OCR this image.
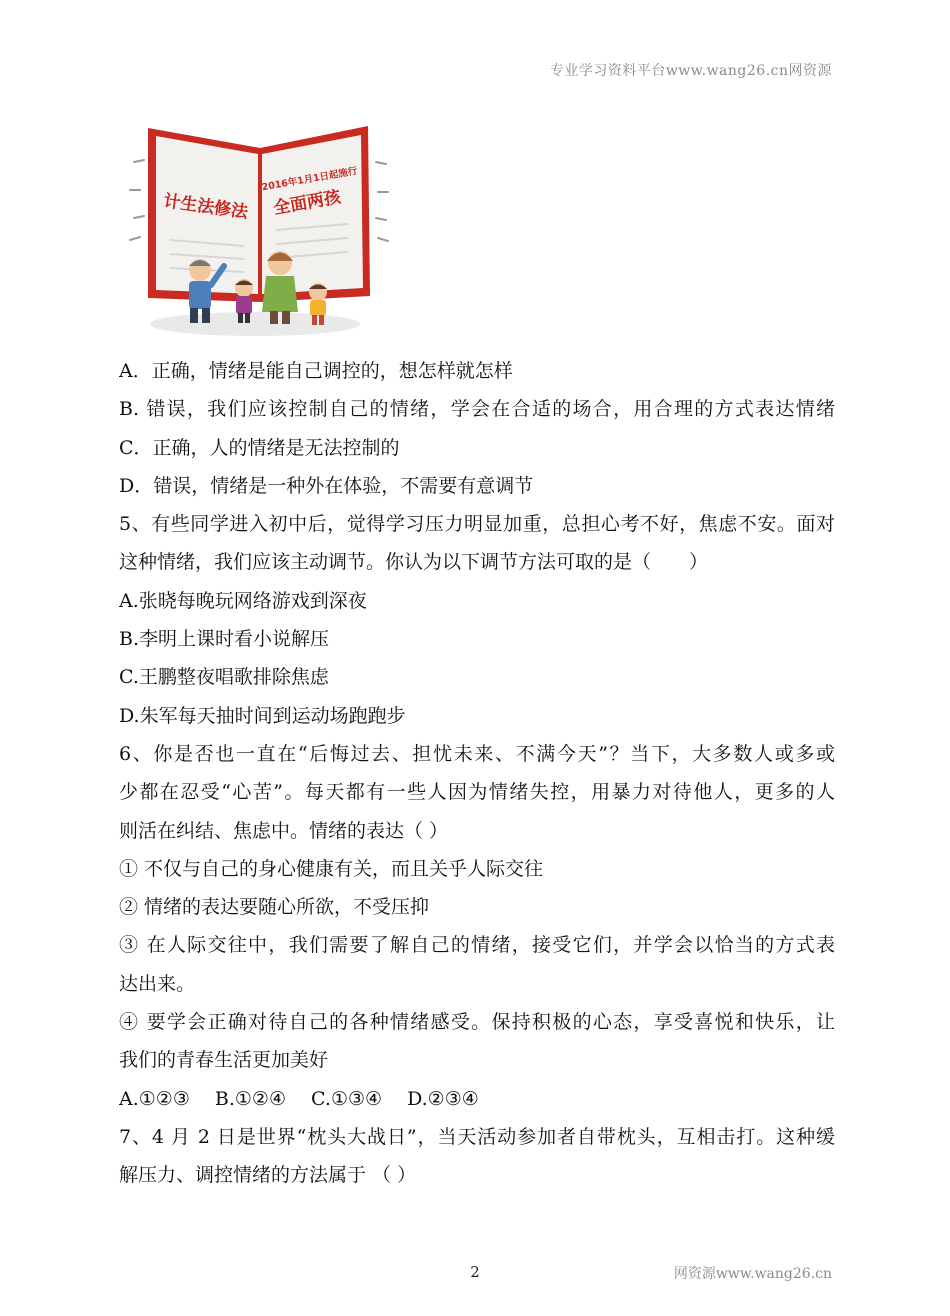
专业学习资料平台www.wang26.cn网资源
计生法修法
2016年1月1日起施行
全面两孩
A．正确，情绪是能自己调控的，想怎样就怎样
B. 错误，我们应该控制自己的情绪，学会在合适的场合，用合理的方式表达情绪
C．正确，人的情绪是无法控制的
D．错误，情绪是一种外在体验，不需要有意调节
5、有些同学进入初中后，觉得学习压力明显加重，总担心考不好，焦虑不安。面对
这种情绪，我们应该主动调节。你认为以下调节方法可取的是（　　）
A.张晓每晚玩网络游戏到深夜
B.李明上课时看小说解压
C.王鹏整夜唱歌排除焦虑
D.朱军每天抽时间到运动场跑跑步
6、你是否也一直在“后悔过去、担忧未来、不满今天”？当下，大多数人或多或
少都在忍受“心苦”。每天都有一些人因为情绪失控，用暴力对待他人，更多的人
则活在纠结、焦虑中。情绪的表达（ ）
① 不仅与自己的身心健康有关，而且关乎人际交往
② 情绪的表达要随心所欲，不受压抑
③ 在人际交往中，我们需要了解自己的情绪，接受它们，并学会以恰当的方式表
达出来。
④ 要学会正确对待自己的各种情绪感受。保持积极的心态，享受喜悦和快乐，让
我们的青春生活更加美好
A.①②③　 B.①②④　 C.①③④　 D.②③④
7、4 月 2 日是世界“枕头大战日”，当天活动参加者自带枕头，互相击打。这种缓
解压力、调控情绪的方法属于 （ ）
2	网资源www.wang26.cn
